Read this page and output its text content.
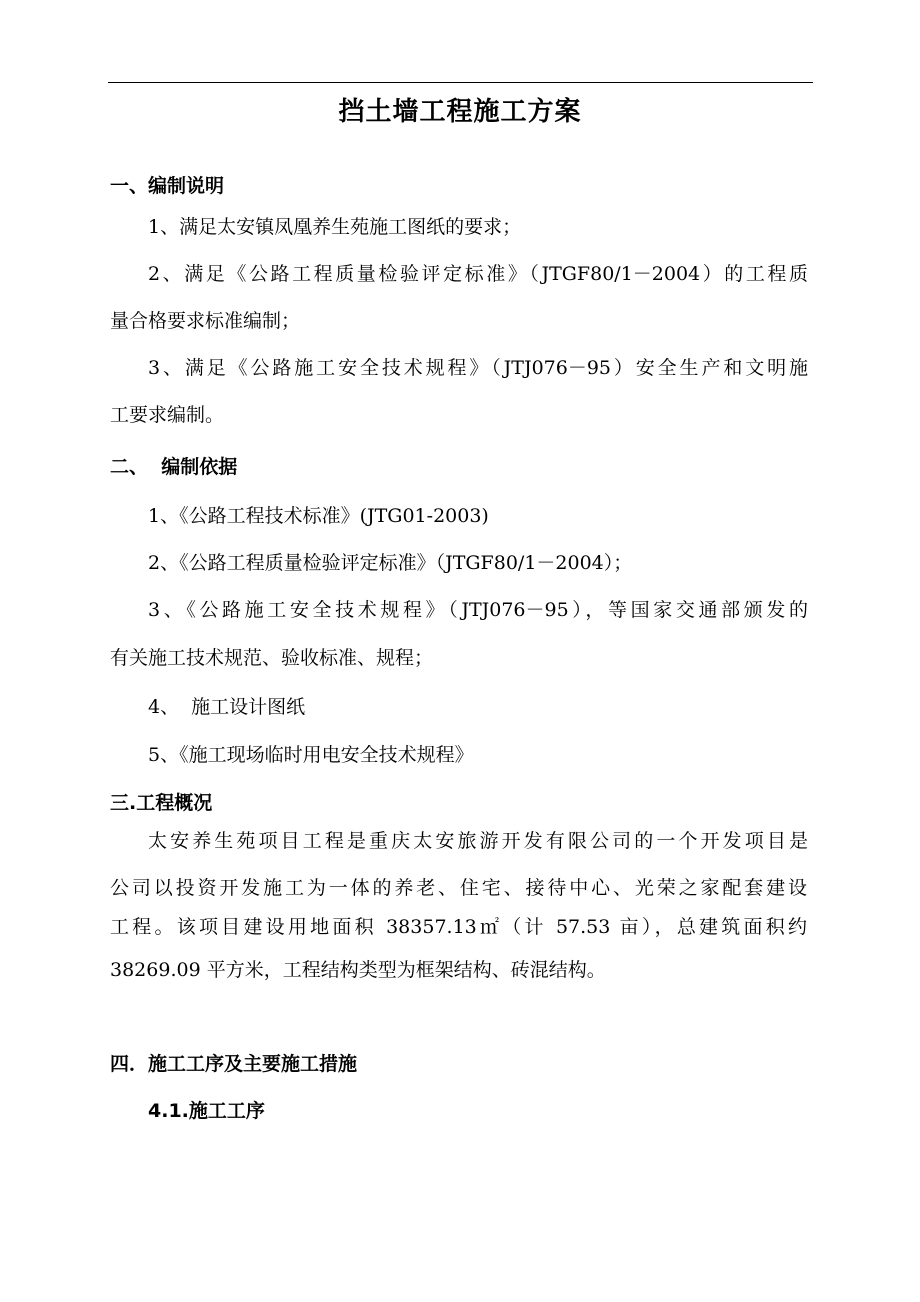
挡土墙工程施工方案
一、编制说明
1、满足太安镇凤凰养生苑施工图纸的要求；
2、满足《公路工程质量检验评定标准》（JTGF80/1－2004）的工程质
量合格要求标准编制；
3、满足《公路施工安全技术规程》（JTJ076－95）安全生产和文明施
工要求编制。
二、  编制依据
1、《公路工程技术标准》(JTG01-2003)
2、《公路工程质量检验评定标准》（JTGF80/1－2004）；
3、《公路施工安全技术规程》（JTJ076－95），等国家交通部颁发的
有关施工技术规范、验收标准、规程；
4、  施工设计图纸
5、《施工现场临时用电安全技术规程》
三.工程概况
太安养生苑项目工程是重庆太安旅游开发有限公司的一个开发项目是
公司以投资开发施工为一体的养老、住宅、接待中心、光荣之家配套建设
工程。该项目建设用地面积 38357.13㎡（计 57.53 亩），总建筑面积约
38269.09 平方米，工程结构类型为框架结构、砖混结构。
四．施工工序及主要施工措施
4.1.施工工序
